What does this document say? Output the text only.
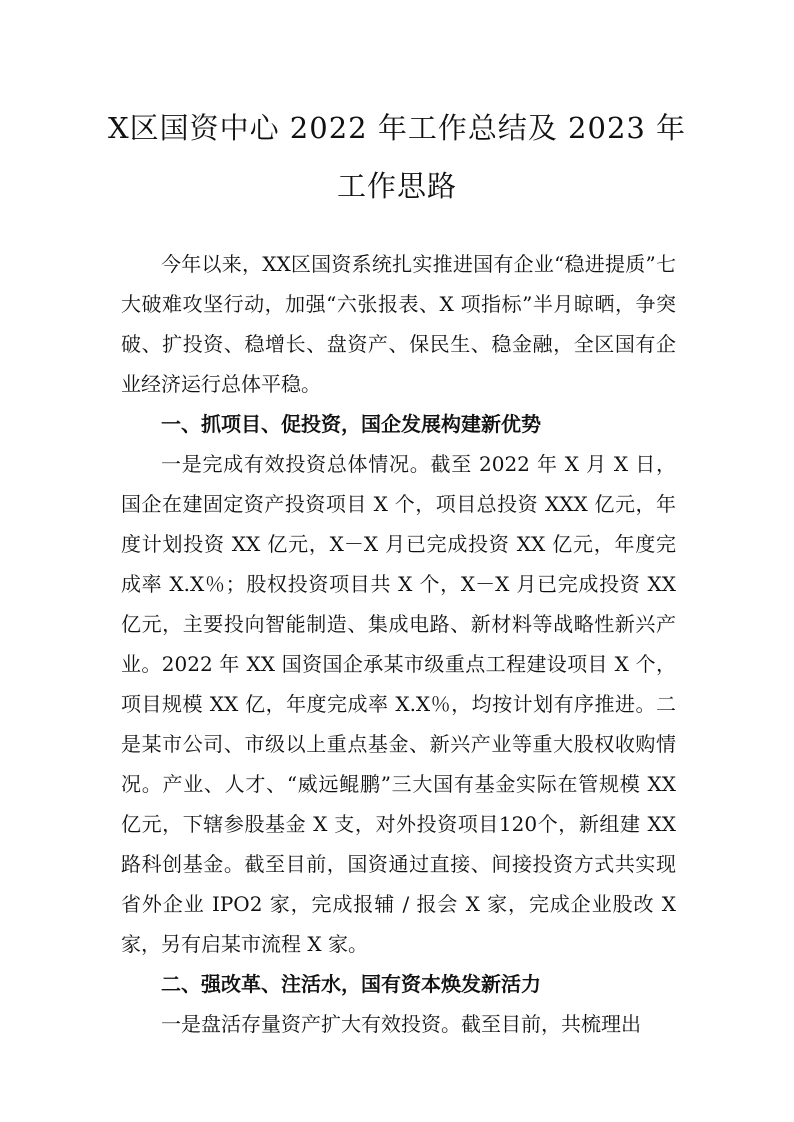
X区国资中心 2022 年工作总结及 2023 年
工作思路

今年以来，XX区国资系统扎实推进国有企业“稳进提质”七大破难攻坚行动，加强“六张报表、X 项指标”半月晾晒，争突破、扩投资、稳增长、盘资产、保民生、稳金融，全区国有企业经济运行总体平稳。

一、抓项目、促投资，国企发展构建新优势

一是完成有效投资总体情况。截至 2022 年 X 月 X 日，国企在建固定资产投资项目 X 个，项目总投资 XXX 亿元，年度计划投资 XX 亿元，X－X 月已完成投资 XX 亿元，年度完成率 X.X％；股权投资项目共 X 个，X－X 月已完成投资 XX 亿元，主要投向智能制造、集成电路、新材料等战略性新兴产业。2022 年 XX 国资国企承某市级重点工程建设项目 X 个，项目规模 XX 亿，年度完成率 X.X％，均按计划有序推进。二是某市公司、市级以上重点基金、新兴产业等重大股权收购情况。产业、人才、“威远鲲鹏”三大国有基金实际在管规模 XX 亿元，下辖参股基金 X 支，对外投资项目120个，新组建 XX 路科创基金。截至目前，国资通过直接、间接投资方式共实现省外企业 IPO2 家，完成报辅 / 报会 X 家，完成企业股改 X 家，另有启某市流程 X 家。

二、强改革、注活水，国有资本焕发新活力

一是盘活存量资产扩大有效投资。截至目前，共梳理出
